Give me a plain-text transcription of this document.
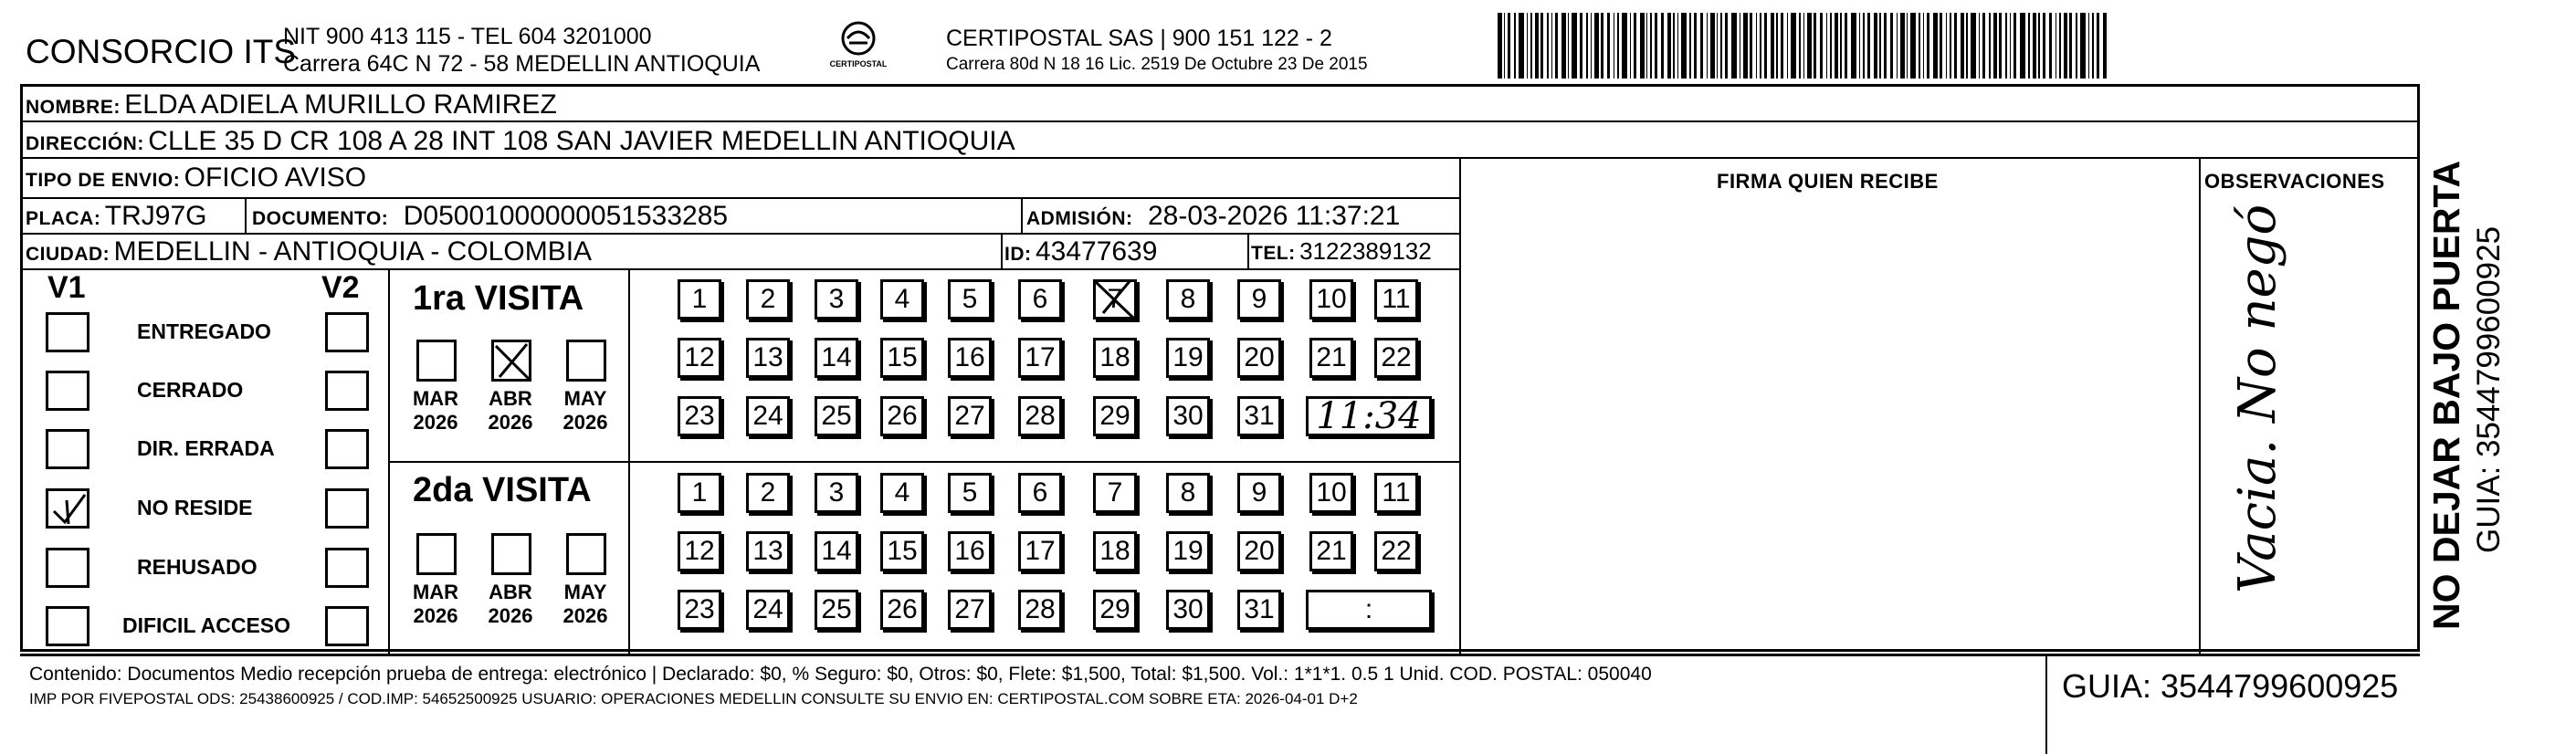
CONSORCIO ITS
NIT 900 413 115 - TEL 604 3201000
Carrera 64C N 72 - 58 MEDELLIN ANTIOQUIA	CERTIPOSTAL
CERTIPOSTAL SAS | 900 151 122 - 2
Carrera 80d N 18 16 Lic. 2519 De Octubre 23 De 2015
FIRMA QUIEN RECIBE	OBSERVACIONES
NOMBRE: ELDA ADIELA MURILLO RAMIREZ
DIRECCIÓN: CLLE 35 D CR 108 A 28 INT 108 SAN JAVIER MEDELLIN ANTIOQUIA
TIPO DE ENVIO: OFICIO AVISO
PLACA: TRJ97G DOCUMENTO: D05001000000051533285	ADMISIÓN: 28-03-2026 11:37:21
CIUDAD: MEDELLIN - ANTIOQUIA - COLOMBIA	ID: 43477639	TEL: 3122389132
V1	V2
ENTREGADO
CERRADO
DIR. ERRADA
NO RESIDE
REHUSADO
DIFICIL ACCESO
1ra VISITA
2da VISITA
MAR
2026
ABR
2026
MAY
2026
MAR
2026
ABR
2026
MAY
2026
1 2 3 4 5 6 7 8 9 10 11
12 13 14 15 16 17 18 19 20 21 22
23 24 25 26 27 28 29 30 31 11:34
1 2 3 4 5 6 7 8 9 10 11
12 13 14 15 16 17 18 19 20 21 22
23 24 25 26 27 28 29 30 31	:
Vacia. No negó
Contenido: Documentos Medio recepción prueba de entrega: electrónico | Declarado: $0, % Seguro: $0, Otros: $0, Flete: $1,500, Total: $1,500. Vol.: 1*1*1. 0.5 1 Unid. COD. POSTAL: 050040
IMP POR FIVEPOSTAL ODS: 25438600925 / COD.IMP: 54652500925 USUARIO: OPERACIONES MEDELLIN CONSULTE SU ENVIO EN: CERTIPOSTAL.COM SOBRE ETA: 2026-04-01 D+2	GUIA: 3544799600925
NO DEJAR BAJO PUERTA GUIA: 3544799600925
